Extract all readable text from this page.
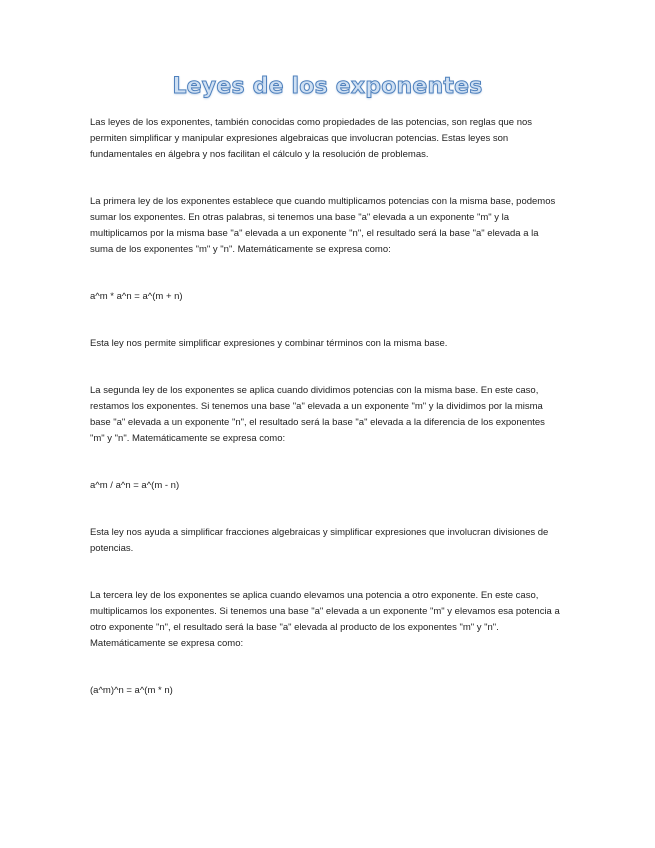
Leyes de los exponentes

Las leyes de los exponentes, también conocidas como propiedades de las potencias, son reglas que nos permiten simplificar y manipular expresiones algebraicas que involucran potencias. Estas leyes son fundamentales en álgebra y nos facilitan el cálculo y la resolución de problemas.

La primera ley de los exponentes establece que cuando multiplicamos potencias con la misma base, podemos sumar los exponentes. En otras palabras, si tenemos una base "a" elevada a un exponente "m" y la multiplicamos por la misma base "a" elevada a un exponente "n", el resultado será la base "a" elevada a la suma de los exponentes "m" y "n". Matemáticamente se expresa como:

a^m * a^n = a^(m + n)

Esta ley nos permite simplificar expresiones y combinar términos con la misma base.

La segunda ley de los exponentes se aplica cuando dividimos potencias con la misma base. En este caso, restamos los exponentes. Si tenemos una base "a" elevada a un exponente "m" y la dividimos por la misma base "a" elevada a un exponente "n", el resultado será la base "a" elevada a la diferencia de los exponentes "m" y "n". Matemáticamente se expresa como:

a^m / a^n = a^(m - n)

Esta ley nos ayuda a simplificar fracciones algebraicas y simplificar expresiones que involucran divisiones de potencias.

La tercera ley de los exponentes se aplica cuando elevamos una potencia a otro exponente. En este caso, multiplicamos los exponentes. Si tenemos una base "a" elevada a un exponente "m" y elevamos esa potencia a otro exponente "n", el resultado será la base "a" elevada al producto de los exponentes "m" y "n". Matemáticamente se expresa como:

(a^m)^n = a^(m * n)
